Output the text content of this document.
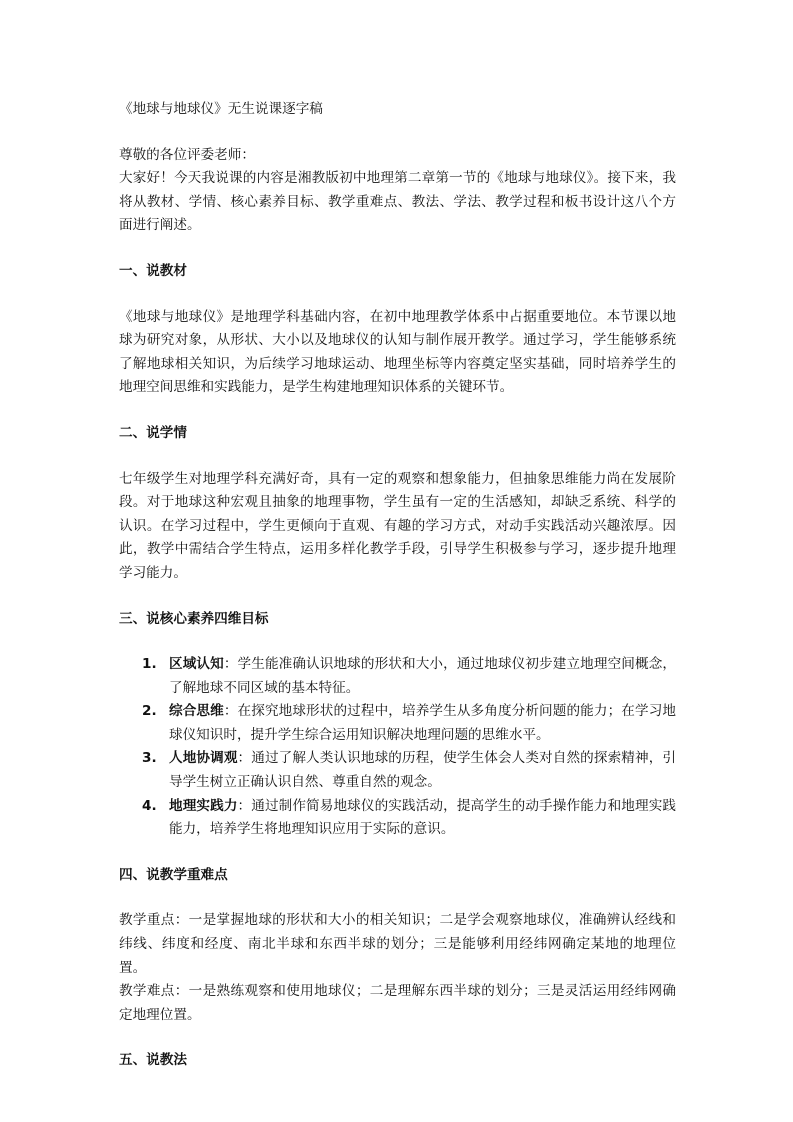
《地球与地球仪》无生说课逐字稿

尊敬的各位评委老师：

大家好！今天我说课的内容是湘教版初中地理第二章第一节的《地球与地球仪》。接下来，我将从教材、学情、核心素养目标、教学重难点、教法、学法、教学过程和板书设计这八个方面进行阐述。

一、说教材

《地球与地球仪》是地理学科基础内容，在初中地理教学体系中占据重要地位。本节课以地球为研究对象，从形状、大小以及地球仪的认知与制作展开教学。通过学习，学生能够系统了解地球相关知识，为后续学习地球运动、地理坐标等内容奠定坚实基础，同时培养学生的地理空间思维和实践能力，是学生构建地理知识体系的关键环节。

二、说学情

七年级学生对地理学科充满好奇，具有一定的观察和想象能力，但抽象思维能力尚在发展阶段。对于地球这种宏观且抽象的地理事物，学生虽有一定的生活感知，却缺乏系统、科学的认识。在学习过程中，学生更倾向于直观、有趣的学习方式，对动手实践活动兴趣浓厚。因此，教学中需结合学生特点，运用多样化教学手段，引导学生积极参与学习，逐步提升地理学习能力。

三、说核心素养四维目标

1. 区域认知：学生能准确认识地球的形状和大小，通过地球仪初步建立地理空间概念，了解地球不同区域的基本特征。
2. 综合思维：在探究地球形状的过程中，培养学生从多角度分析问题的能力；在学习地球仪知识时，提升学生综合运用知识解决地理问题的思维水平。
3. 人地协调观：通过了解人类认识地球的历程，使学生体会人类对自然的探索精神，引导学生树立正确认识自然、尊重自然的观念。
4. 地理实践力：通过制作简易地球仪的实践活动，提高学生的动手操作能力和地理实践能力，培养学生将地理知识应用于实际的意识。

四、说教学重难点

教学重点：一是掌握地球的形状和大小的相关知识；二是学会观察地球仪，准确辨认经线和纬线、纬度和经度、南北半球和东西半球的划分；三是能够利用经纬网确定某地的地理位置。

教学难点：一是熟练观察和使用地球仪；二是理解东西半球的划分；三是灵活运用经纬网确定地理位置。

五、说教法
